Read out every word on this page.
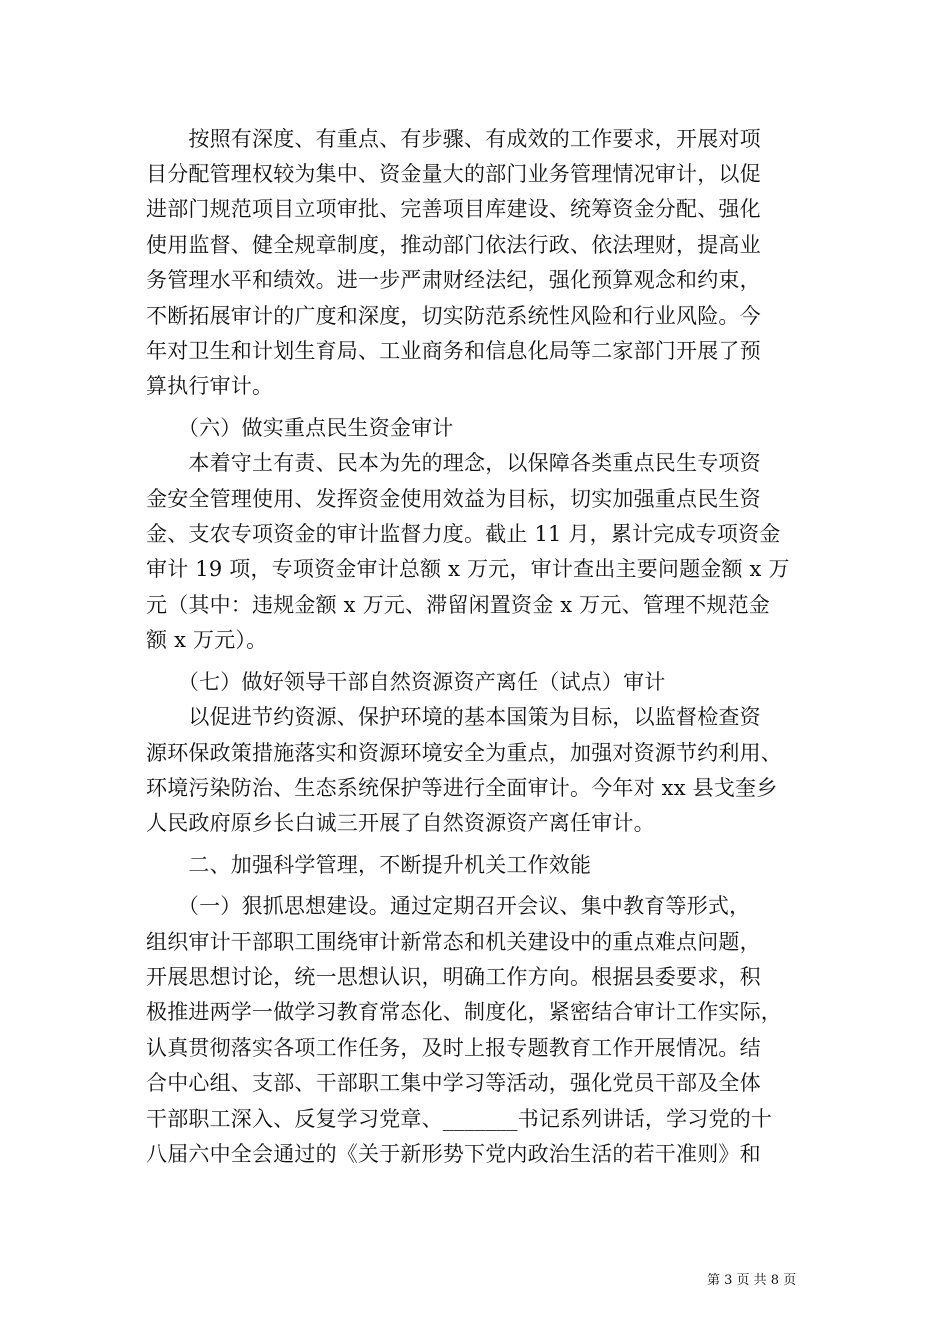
　　按照有深度、有重点、有步骤、有成效的工作要求，开展对项
目分配管理权较为集中、资金量大的部门业务管理情况审计，以促
进部门规范项目立项审批、完善项目库建设、统筹资金分配、强化
使用监督、健全规章制度，推动部门依法行政、依法理财，提高业
务管理水平和绩效。进一步严肃财经法纪，强化预算观念和约束，
不断拓展审计的广度和深度，切实防范系统性风险和行业风险。今
年对卫生和计划生育局、工业商务和信息化局等二家部门开展了预
算执行审计。
　　（六）做实重点民生资金审计
　　本着守土有责、民本为先的理念，以保障各类重点民生专项资
金安全管理使用、发挥资金使用效益为目标，切实加强重点民生资
金、支农专项资金的审计监督力度。截止 11 月，累计完成专项资金
审计 19 项，专项资金审计总额 x 万元，审计查出主要问题金额 x 万
元（其中：违规金额 x 万元、滞留闲置资金 x 万元、管理不规范金
额 x 万元）。
　　（七）做好领导干部自然资源资产离任（试点）审计
　　以促进节约资源、保护环境的基本国策为目标，以监督检查资
源环保政策措施落实和资源环境安全为重点，加强对资源节约利用、
环境污染防治、生态系统保护等进行全面审计。今年对 xx 县戈奎乡
人民政府原乡长白诚三开展了自然资源资产离任审计。
　　二、加强科学管理，不断提升机关工作效能
　　（一）狠抓思想建设。通过定期召开会议、集中教育等形式，
组织审计干部职工围绕审计新常态和机关建设中的重点难点问题，
开展思想讨论，统一思想认识，明确工作方向。根据县委要求，积
极推进两学一做学习教育常态化、制度化，紧密结合审计工作实际，
认真贯彻落实各项工作任务，及时上报专题教育工作开展情况。结
合中心组、支部、干部职工集中学习等活动，强化党员干部及全体
干部职工深入、反复学习党章、_______书记系列讲话，学习党的十
八届六中全会通过的《关于新形势下党内政治生活的若干准则》和
第 3 页 共 8 页
